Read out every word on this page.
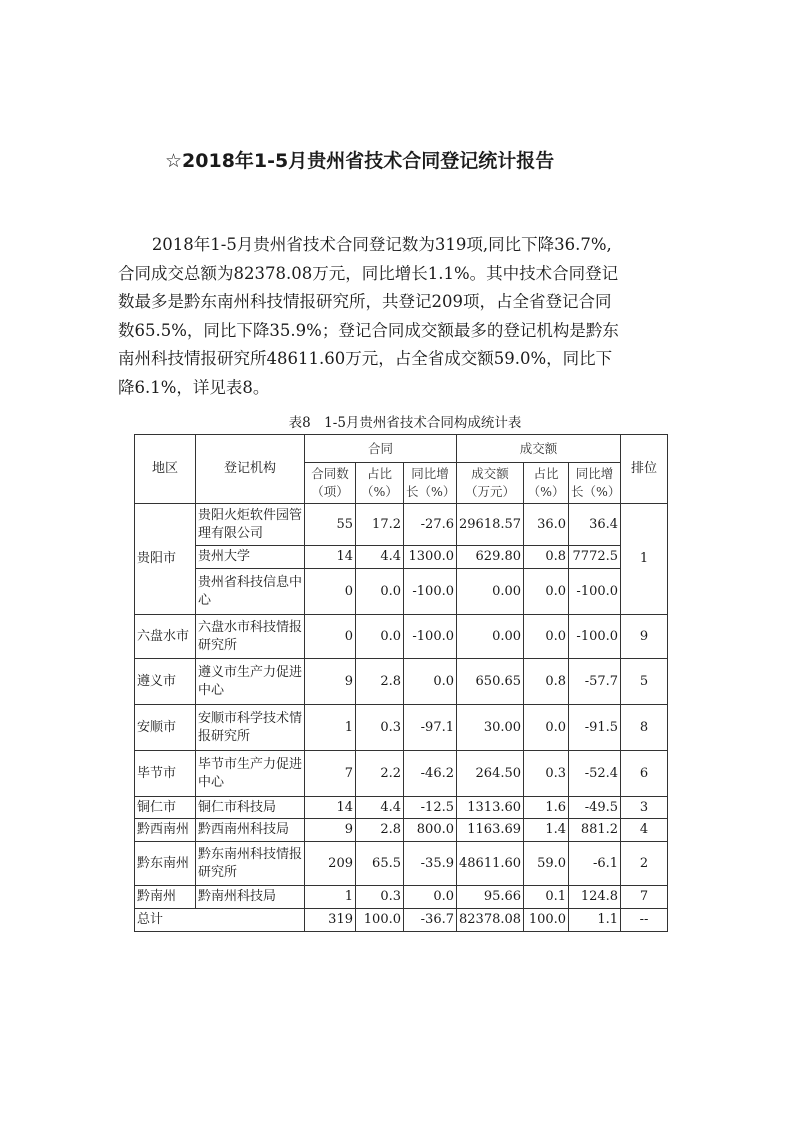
☆2018年1-5月贵州省技术合同登记统计报告
2018年1-5月贵州省技术合同登记数为319项,同比下降36.7%,
合同成交总额为82378.08万元，同比增长1.1%。其中技术合同登记
数最多是黔东南州科技情报研究所，共登记209项，占全省登记合同
数65.5%，同比下降35.9%；登记合同成交额最多的登记机构是黔东
南州科技情报研究所48611.60万元，占全省成交额59.0%，同比下
降6.1%，详见表8。
表8　1-5月贵州省技术合同构成统计表
地区	登记机构	合同			成交额			排位
		合同数（项）	占比（%）	同比增长（%）	成交额（万元）	占比（%）	同比增长（%）	
贵阳市	贵阳火炬软件园管理有限公司	55	17.2	-27.6	29618.57	36.0	36.4	1
	贵州大学	14	4.4	1300.0	629.80	0.8	7772.5	
	贵州省科技信息中心	0	0.0	-100.0	0.00	0.0	-100.0	
六盘水市	六盘水市科技情报研究所	0	0.0	-100.0	0.00	0.0	-100.0	9
遵义市	遵义市生产力促进中心	9	2.8	0.0	650.65	0.8	-57.7	5
安顺市	安顺市科学技术情报研究所	1	0.3	-97.1	30.00	0.0	-91.5	8
毕节市	毕节市生产力促进中心	7	2.2	-46.2	264.50	0.3	-52.4	6
铜仁市	铜仁市科技局	14	4.4	-12.5	1313.60	1.6	-49.5	3
黔西南州	黔西南州科技局	9	2.8	800.0	1163.69	1.4	881.2	4
黔东南州	黔东南州科技情报研究所	209	65.5	-35.9	48611.60	59.0	-6.1	2
黔南州	黔南州科技局	1	0.3	0.0	95.66	0.1	124.8	7
总计		319	100.0	-36.7	82378.08	100.0	1.1	--
